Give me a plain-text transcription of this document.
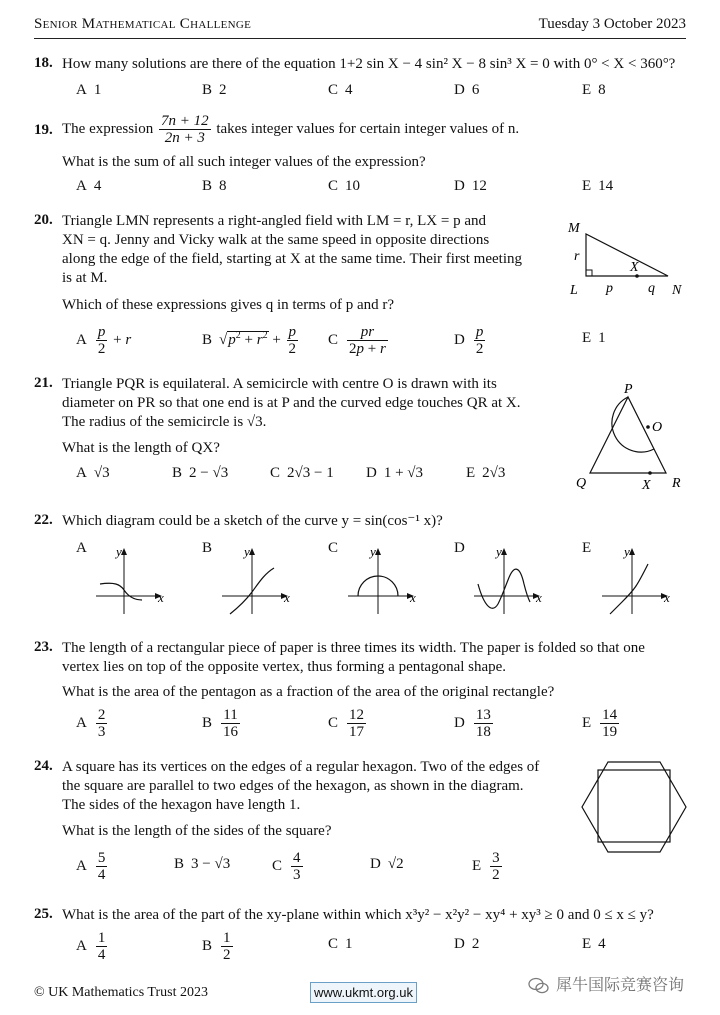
Senior Mathematical Challenge	Tuesday 3 October 2023
18. How many solutions are there of the equation 1+2 sin X − 4 sin² X − 8 sin³ X = 0 with 0° < X < 360°?
A 1	B 2	C 4	D 6	E 8
19. The expression $\frac{7n + 12}{2n + 3}$ takes integer values for certain integer values of n.
What is the sum of all such integer values of the expression?
A 4	B 8	C 10	D 12	E 14
20. Triangle LMN represents a right-angled field with LM = r, LX = p and
XN = q. Jenny and Vicky walk at the same speed in opposite directions
along the edge of the field, starting at X at the same time. Their first meeting
is at M.
Which of these expressions gives q in terms of p and r?
A $\frac{p}{2} + r$	B $√p^2 + r^2 + \frac{p}{2}$ C $\frac{pr}{2p + r}$	D $\frac{p}{2}$	E 1
M
L	N
X
r
p	q
21. Triangle PQR is equilateral. A semicircle with centre O is drawn with its
diameter on PR so that one end is at P and the curved edge touches QR at X.
The radius of the semicircle is √3.
What is the length of QX?
A √3	B 2 − √3	C 2√3 − 1 D 1 + √3	E 2√3
P
Q	R
O
X
22. Which diagram could be a sketch of the curve y = sin(cos⁻¹ x)?
A y
x
B y
x
C y
x
D y
x
E	y
x
23. The length of a rectangular piece of paper is three times its width. The paper is folded so that one
vertex lies on top of the opposite vertex, thus forming a pentagonal shape.
What is the area of the pentagon as a fraction of the area of the original rectangle?
A $\frac{2}{3}$	B $\frac{11}{16}$	C $\frac{12}{17}$	D $\frac{13}{18}$	E $\frac{14}{19}$
24. A square has its vertices on the edges of a regular hexagon. Two of the edges of
the square are parallel to two edges of the hexagon, as shown in the diagram.
The sides of the hexagon have length 1.
What is the length of the sides of the square?
A $\frac{5}{4}$	B 3 − √3	C $\frac{4}{3}$	D √2	E $\frac{3}{2}$
25. What is the area of the part of the xy-plane within which x³y² − x²y² − xy⁴ + xy³ ≥ 0 and 0 ≤ x ≤ y?
A $\frac{1}{4}$	B $\frac{1}{2}$	C 1	D 2	E 4
© UK Mathematics Trust 2023	www.ukmt.org.uk	犀牛国际竞赛咨询
